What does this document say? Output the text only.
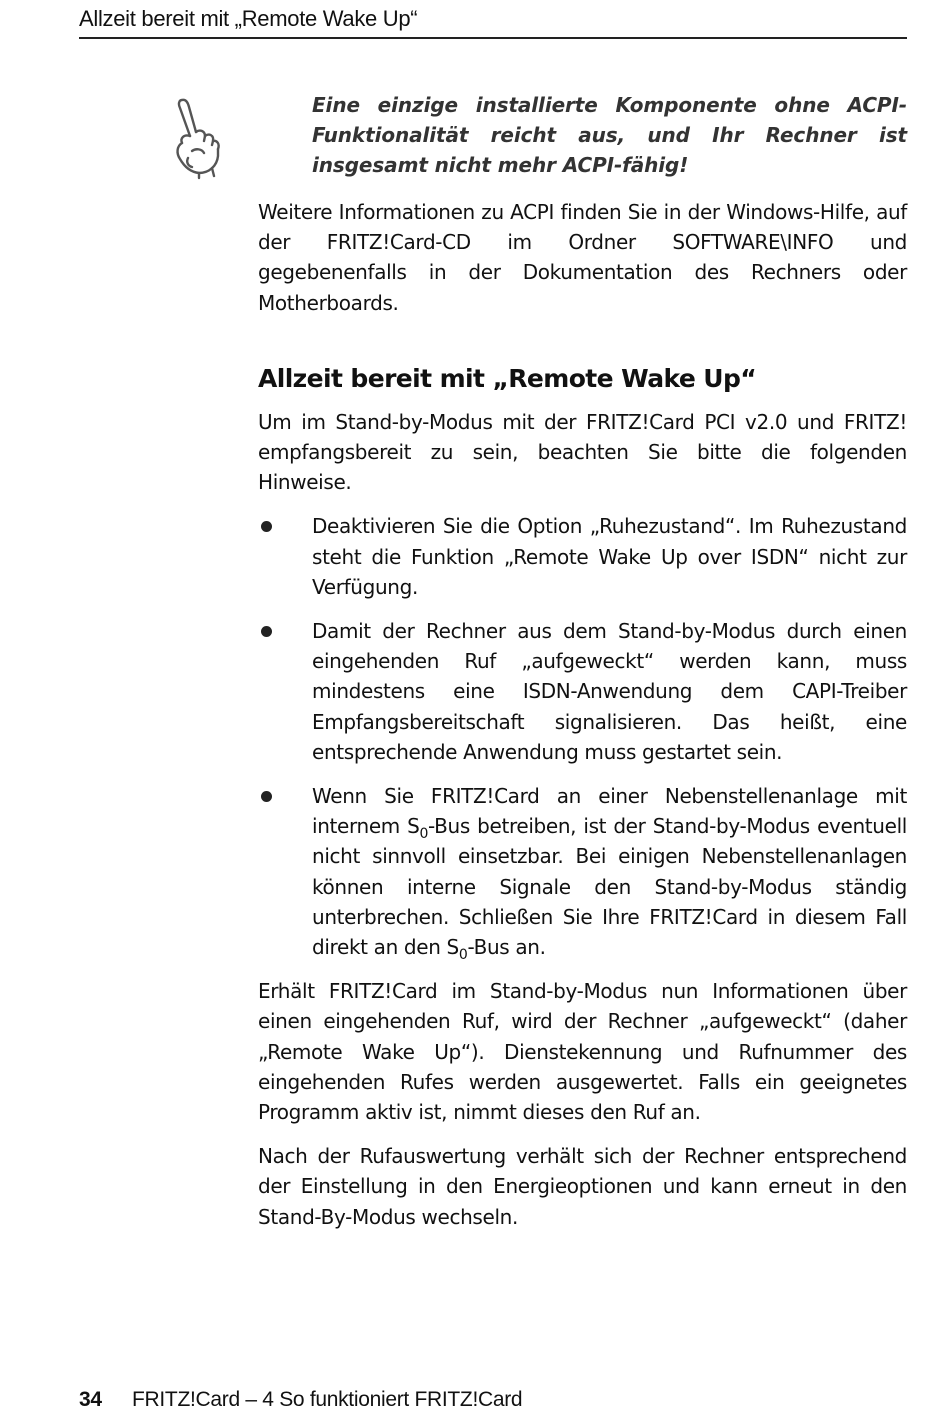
Allzeit bereit mit „Remote Wake Up“
Eine einzige installierte Komponente ohne ACPI-Funktionalität reicht aus, und Ihr Rechner ist insgesamt nicht mehr ACPI-fähig!

Weitere Informationen zu ACPI finden Sie in der Windows-Hilfe, auf der FRITZ!Card-CD im Ordner SOFTWARE\INFO und gegebenenfalls in der Dokumentation des Rechners oder Motherboards.

Allzeit bereit mit „Remote Wake Up“

Um im Stand-by-Modus mit der FRITZ!Card PCI v2.0 und FRITZ! empfangsbereit zu sein, beachten Sie bitte die folgenden Hinweise.

Deaktivieren Sie die Option „Ruhezustand“. Im Ruhezustand steht die Funktion „Remote Wake Up over ISDN“ nicht zur Verfügung.

Damit der Rechner aus dem Stand-by-Modus durch einen eingehenden Ruf „aufgeweckt“ werden kann, muss mindestens eine ISDN-Anwendung dem CAPI-Treiber Empfangsbereitschaft signalisieren. Das heißt, eine entsprechende Anwendung muss gestartet sein.

Wenn Sie FRITZ!Card an einer Nebenstellenanlage mit internem $S_0$-Bus betreiben, ist der Stand-by-Modus eventuell nicht sinnvoll einsetzbar. Bei einigen Nebenstellenanlagen können interne Signale den Stand-by-Modus ständig unterbrechen. Schließen Sie Ihre FRITZ!Card in diesem Fall direkt an den $S_0$-Bus an.

Erhält FRITZ!Card im Stand-by-Modus nun Informationen über einen eingehenden Ruf, wird der Rechner „aufgeweckt“ (daher „Remote Wake Up“). Dienstekennung und Rufnummer des eingehenden Rufes werden ausgewertet. Falls ein geeignetes Programm aktiv ist, nimmt dieses den Ruf an.

Nach der Rufauswertung verhält sich der Rechner entsprechend der Einstellung in den Energieoptionen und kann erneut in den Stand-By-Modus wechseln.

34 FRITZ!Card – 4 So funktioniert FRITZ!Card
